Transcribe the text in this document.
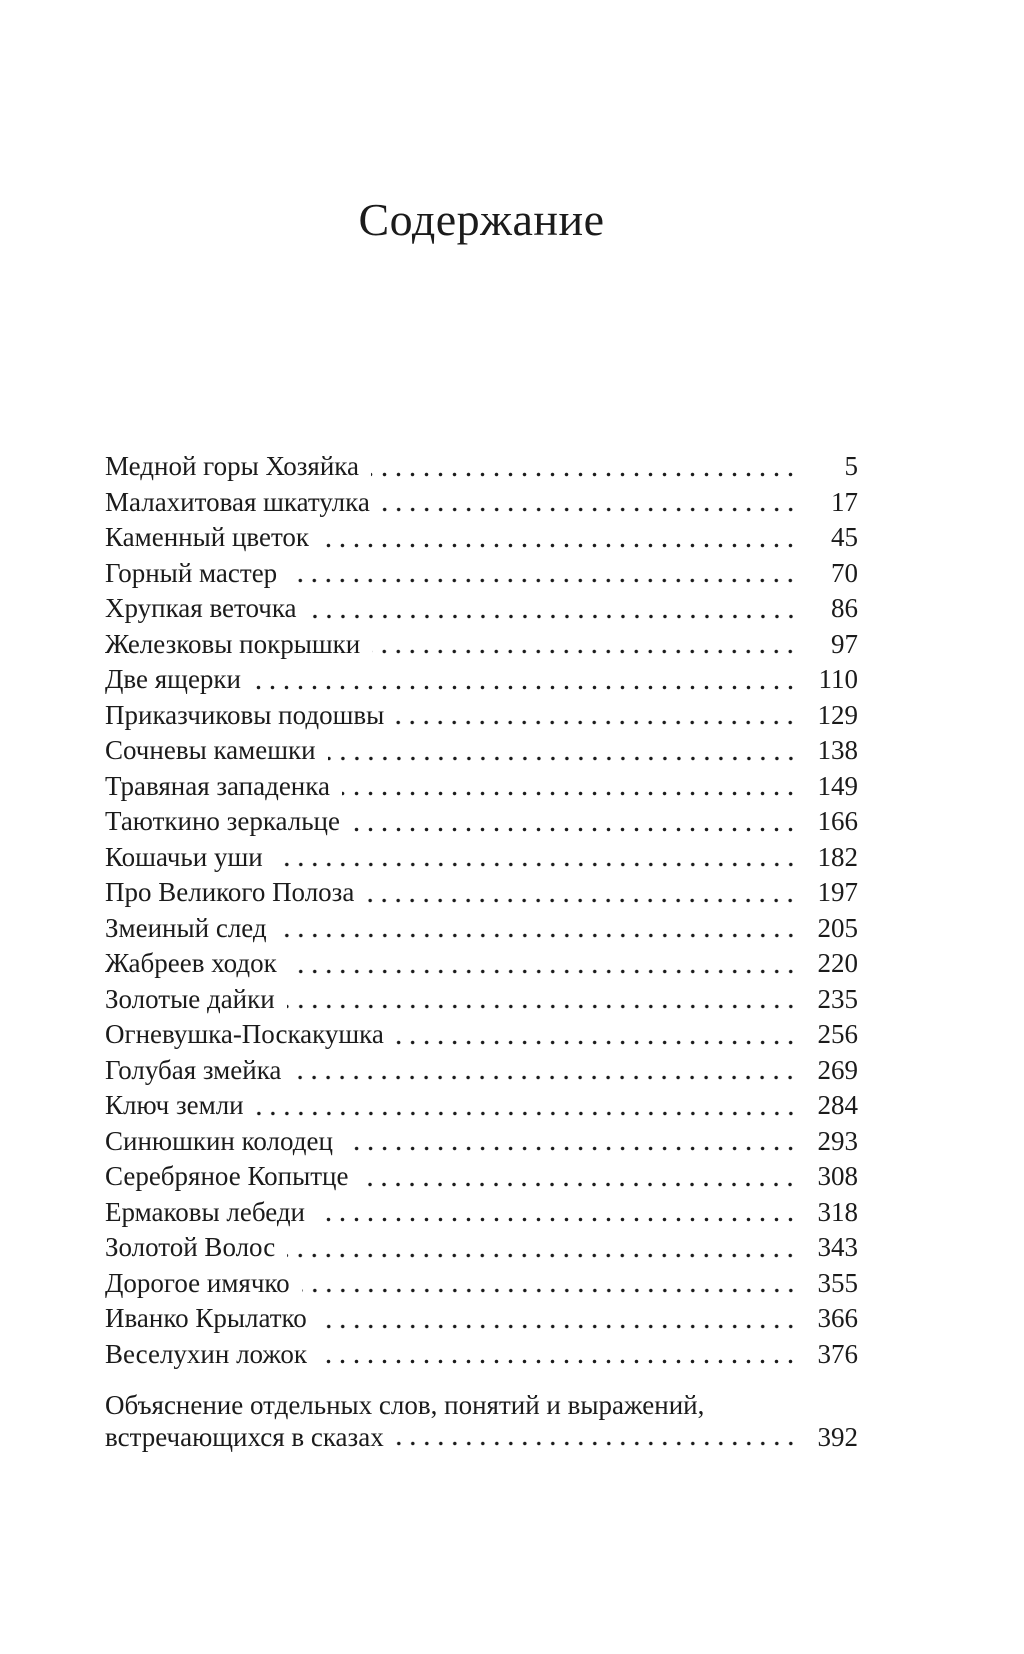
Содержание
Медной горы Хозяйка	5
Малахитовая шкатулка	17
Каменный цветок	45
Горный мастер	70
Хрупкая веточка	86
Железковы покрышки	97
Две ящерки	110
Приказчиковы подошвы	129
Сочневы камешки	138
Травяная западенка	149
Таюткино зеркальце	166
Кошачьи уши	182
Про Великого Полоза	197
Змеиный след	205
Жабреев ходок	220
Золотые дайки	235
Огневушка-Поскакушка	256
Голубая змейка	269
Ключ земли	284
Синюшкин колодец	293
Серебряное Копытце	308
Ермаковы лебеди	318
Золотой Волос	343
Дорогое имячко	355
Иванко Крылатко	366
Веселухин ложок	376
Объяснение отдельных слов, понятий и выражений,
встречающихся в сказах	392
